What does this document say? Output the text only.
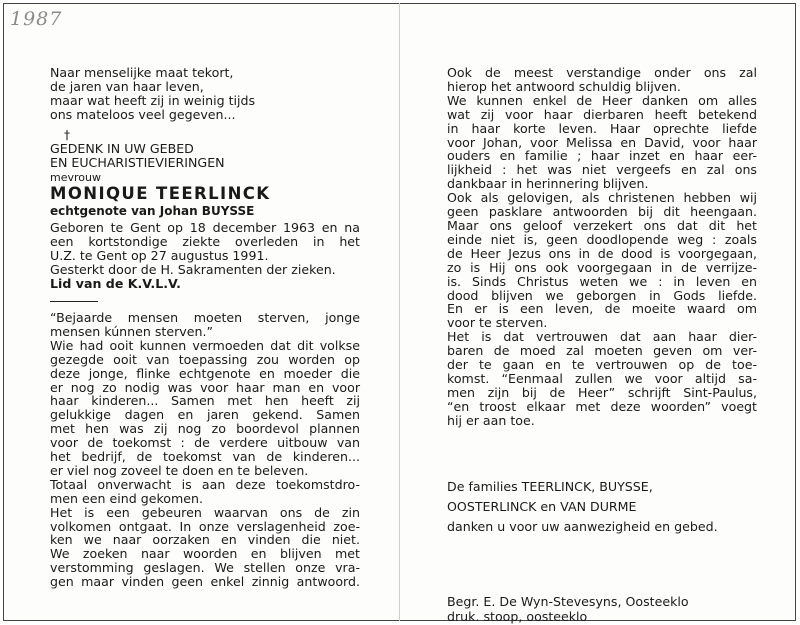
1987
Naar menselijke maat tekort,
de jaren van haar leven,
maar wat heeft zij in weinig tijds
ons mateloos veel gegeven...
†
GEDENK IN UW GEBED
EN EUCHARISTIEVIERINGEN
mevrouw
MONIQUE TEERLINCK
echtgenote van Johan BUYSSE
Geboren te Gent op 18 december 1963 en na
een kortstondige ziekte overleden in het
U.Z. te Gent op 27 augustus 1991.
Gesterkt door de H. Sakramenten der zieken.
Lid van de K.V.L.V.
“Bejaarde mensen moeten sterven, jonge
mensen kúnnen sterven.”
Wie had ooit kunnen vermoeden dat dit volkse
gezegde ooit van toepassing zou worden op
deze jonge, flinke echtgenote en moeder die
er nog zo nodig was voor haar man en voor
haar kinderen... Samen met hen heeft zij
gelukkige dagen en jaren gekend. Samen
met hen was zij nog zo boordevol plannen
voor de toekomst : de verdere uitbouw van
het bedrijf, de toekomst van de kinderen...
er viel nog zoveel te doen en te beleven.
Totaal onverwacht is aan deze toekomstdro-
men een eind gekomen.
Het is een gebeuren waarvan ons de zin
volkomen ontgaat. In onze verslagenheid zoe-
ken we naar oorzaken en vinden die niet.
We zoeken naar woorden en blijven met
verstomming geslagen. We stellen onze vra-
gen maar vinden geen enkel zinnig antwoord.
Ook de meest verstandige onder ons zal
hierop het antwoord schuldig blijven.
We kunnen enkel de Heer danken om alles
wat zij voor haar dierbaren heeft betekend
in haar korte leven. Haar oprechte liefde
voor Johan, voor Melissa en David, voor haar
ouders en familie ; haar inzet en haar eer-
lijkheid : het was niet vergeefs en zal ons
dankbaar in herinnering blijven.
Ook als gelovigen, als christenen hebben wij
geen pasklare antwoorden bij dit heengaan.
Maar ons geloof verzekert ons dat dit het
einde niet is, geen doodlopende weg : zoals
de Heer Jezus ons in de dood is voorgegaan,
zo is Hij ons ook voorgegaan in de verrijze-
is. Sinds Christus weten we : in leven en
dood blijven we geborgen in Gods liefde.
En er is een leven, de moeite waard om
voor te sterven.
Het is dat vertrouwen dat aan haar dier-
baren de moed zal moeten geven om ver-
der te gaan en te vertrouwen op de toe-
komst. “Eenmaal zullen we voor altijd sa-
men zijn bij de Heer” schrijft Sint-Paulus,
“en troost elkaar met deze woorden” voegt
hij er aan toe.
De families TEERLINCK, BUYSSE,
OOSTERLINCK en VAN DURME
danken u voor uw aanwezigheid en gebed.
Begr. E. De Wyn-Stevesyns, Oosteeklo
druk. stoop, oosteeklo
